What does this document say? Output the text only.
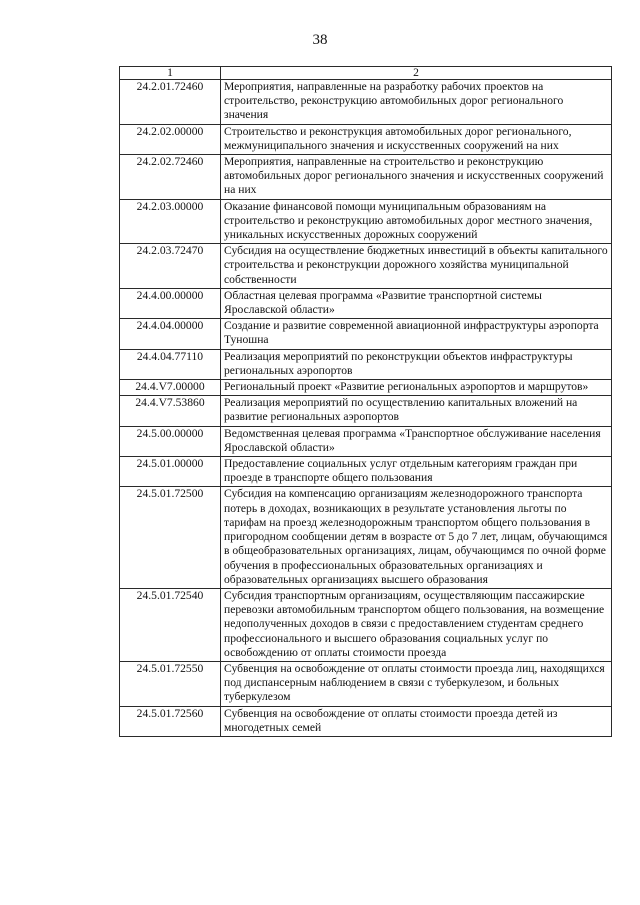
38
1	2
24.2.01.72460	Мероприятия, направленные на разработку рабочих проектов на строительство, реконструкцию автомобильных дорог регионального значения

24.2.02.00000	Строительство и реконструкция автомобильных дорог регионального, межмуниципального значения и искусственных сооружений на них

24.2.02.72460	Мероприятия, направленные на строительство и реконструкцию автомобильных дорог регионального значения и искусственных сооружений на них

24.2.03.00000	Оказание финансовой помощи муниципальным образованиям на строительство и реконструкцию автомобильных дорог местного значения, уникальных искусственных дорожных сооружений

24.2.03.72470	Субсидия на осуществление бюджетных инвестиций в объекты капитального строительства и реконструкции дорожного хозяйства муниципальной собственности

24.4.00.00000	Областная целевая программа «Развитие транспортной системы Ярославской области»

24.4.04.00000	Создание и развитие современной авиационной инфраструктуры аэропорта Туношна

24.4.04.77110	Реализация мероприятий по реконструкции объектов инфраструктуры региональных аэропортов

24.4.V7.00000	Региональный проект «Развитие региональных аэропортов и маршрутов»

24.4.V7.53860	Реализация мероприятий по осуществлению капитальных вложений на развитие региональных аэропортов

24.5.00.00000	Ведомственная целевая программа «Транспортное обслуживание населения Ярославской области»

24.5.01.00000	Предоставление социальных услуг отдельным категориям граждан при проезде в транспорте общего пользования

24.5.01.72500	Субсидия на компенсацию организациям железнодорожного транспорта потерь в доходах, возникающих в результате установления льготы по тарифам на проезд железнодорожным транспортом общего пользования в пригородном сообщении детям в возрасте от 5 до 7 лет, лицам, обучающимся в общеобразовательных организациях, лицам, обучающимся по очной форме обучения в профессиональных образовательных организациях и образовательных организациях высшего образования

24.5.01.72540	Субсидия транспортным организациям, осуществляющим пассажирские перевозки автомобильным транспортом общего пользования, на возмещение недополученных доходов в связи с предоставлением студентам среднего профессионального и высшего образования социальных услуг по освобождению от оплаты стоимости проезда

24.5.01.72550	Субвенция на освобождение от оплаты стоимости проезда лиц, находящихся под диспансерным наблюдением в связи с туберкулезом, и больных туберкулезом

24.5.01.72560	Субвенция на освобождение от оплаты стоимости проезда детей из многодетных семей
